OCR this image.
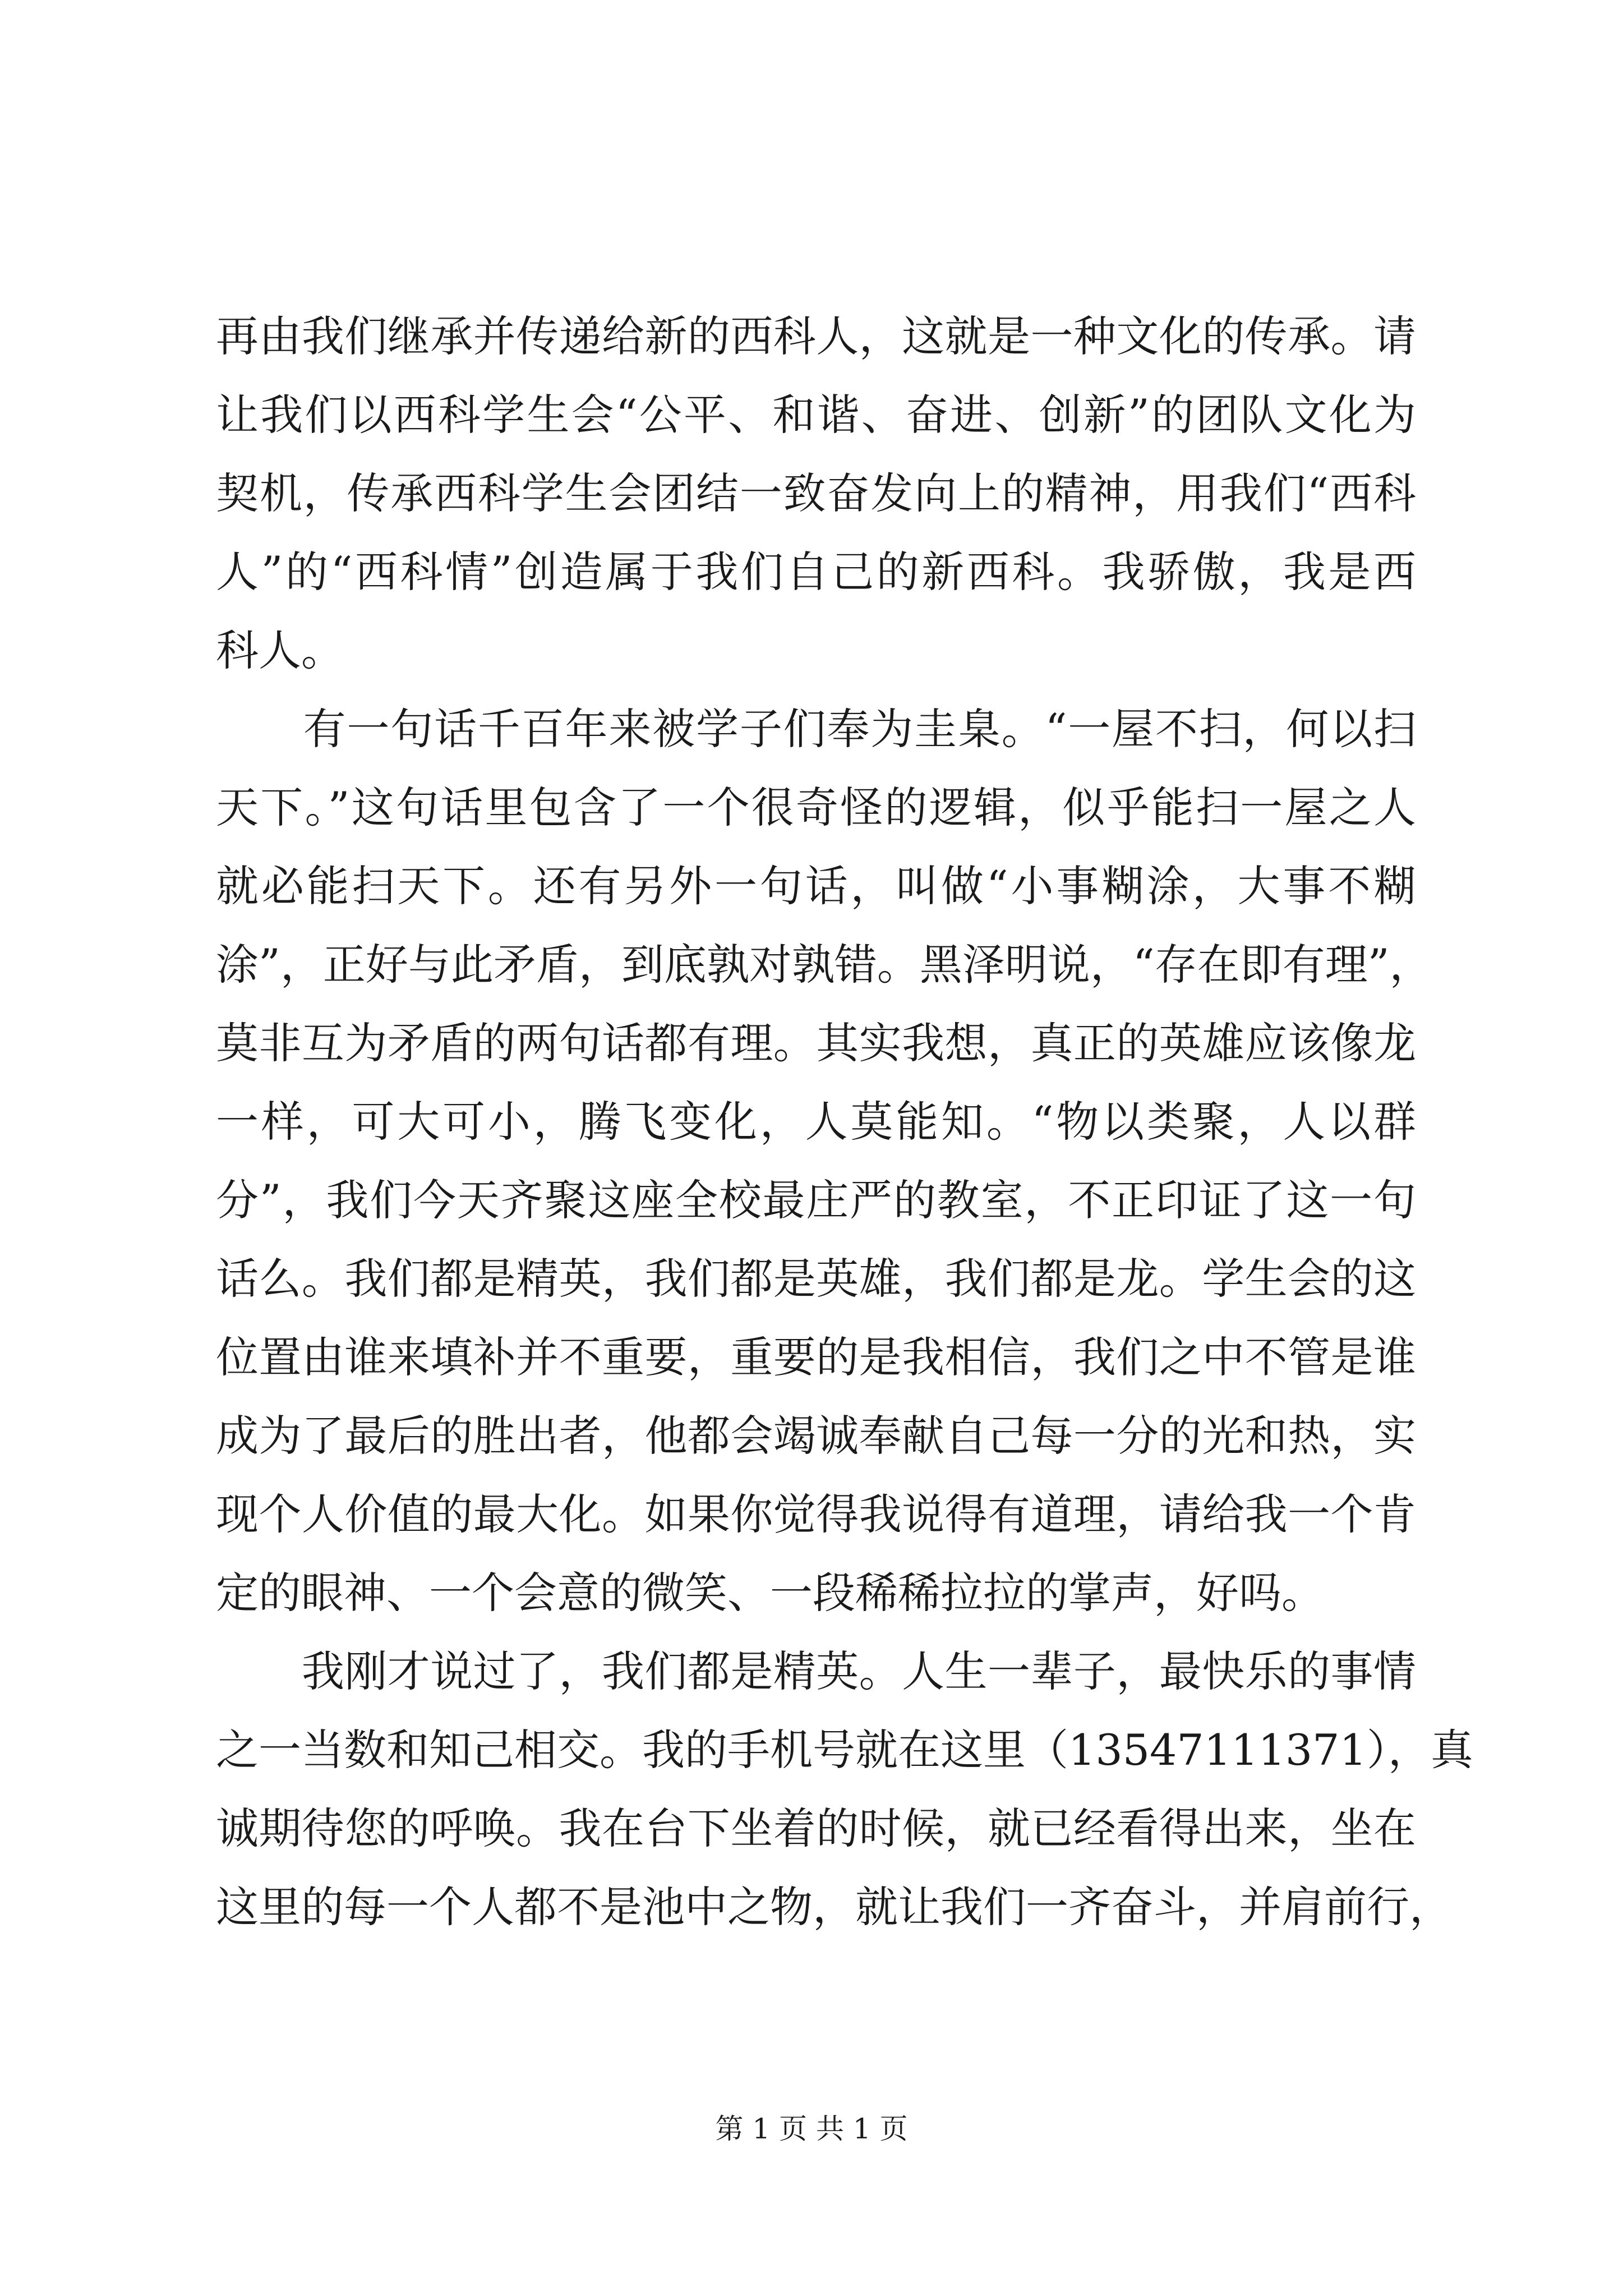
再由我们继承并传递给新的西科人，这就是一种文化的传承。请
让我们以西科学生会“公平、和谐、奋进、创新”的团队文化为
契机，传承西科学生会团结一致奋发向上的精神，用我们“西科
人”的“西科情”创造属于我们自己的新西科。我骄傲，我是西
科人。
　　有一句话千百年来被学子们奉为圭臬。“一屋不扫，何以扫
天下。”这句话里包含了一个很奇怪的逻辑，似乎能扫一屋之人
就必能扫天下。还有另外一句话，叫做“小事糊涂，大事不糊
涂”，正好与此矛盾，到底孰对孰错。黑泽明说，“存在即有理”，
莫非互为矛盾的两句话都有理。其实我想，真正的英雄应该像龙
一样，可大可小，腾飞变化，人莫能知。“物以类聚，人以群
分”，我们今天齐聚这座全校最庄严的教室，不正印证了这一句
话么。我们都是精英，我们都是英雄，我们都是龙。学生会的这
位置由谁来填补并不重要，重要的是我相信，我们之中不管是谁
成为了最后的胜出者，他都会竭诚奉献自己每一分的光和热，实
现个人价值的最大化。如果你觉得我说得有道理，请给我一个肯
定的眼神、一个会意的微笑、一段稀稀拉拉的掌声，好吗。
　　我刚才说过了，我们都是精英。人生一辈子，最快乐的事情
之一当数和知己相交。我的手机号就在这里（13547111371），真
诚期待您的呼唤。我在台下坐着的时候，就已经看得出来，坐在
这里的每一个人都不是池中之物，就让我们一齐奋斗，并肩前行，
第 1 页 共 1 页
